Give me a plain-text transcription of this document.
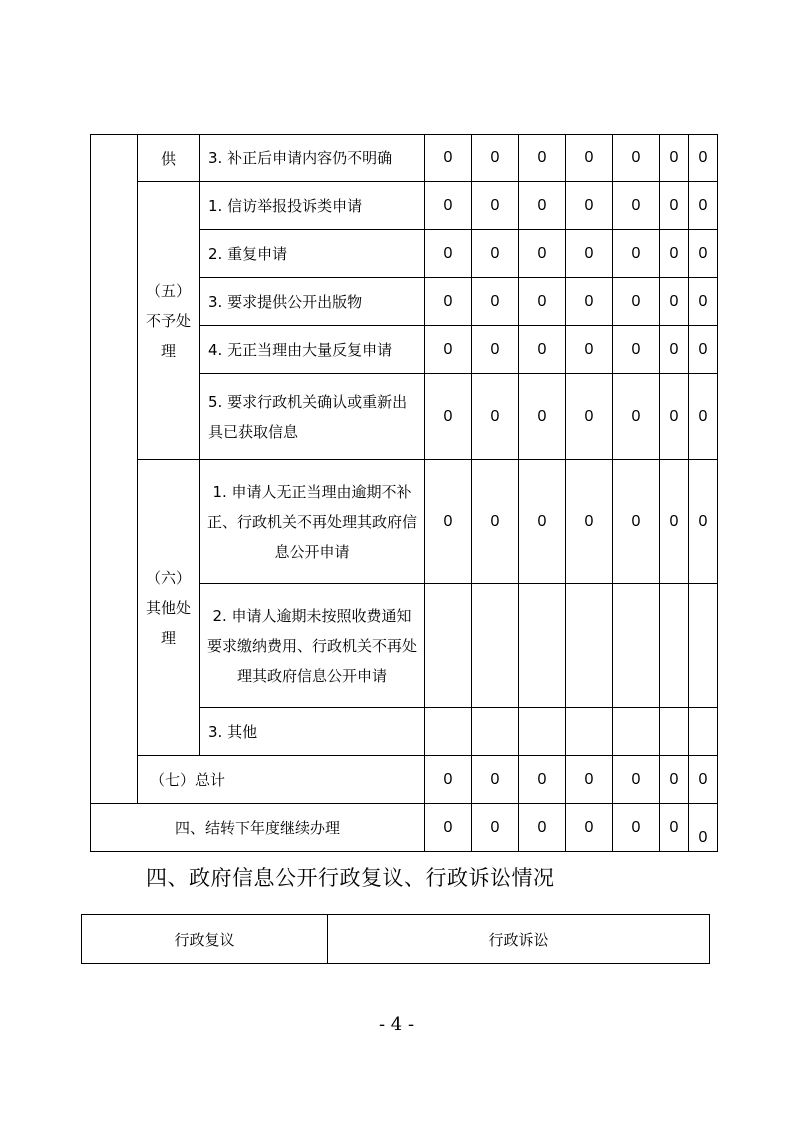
	供	3. 补正后申请内容仍不明确	0	0	0	0	0	0	0
	（五）不予处理	1. 信访举报投诉类申请	0	0	0	0	0	0	0
		2. 重复申请	0	0	0	0	0	0	0
		3. 要求提供公开出版物	0	0	0	0	0	0	0
		4. 无正当理由大量反复申请	0	0	0	0	0	0	0
		5. 要求行政机关确认或重新出具已获取信息	0	0	0	0	0	0	0
	（六）其他处理	1. 申请人无正当理由逾期不补正、行政机关不再处理其政府信息公开申请	0	0	0	0	0	0	0
		2. 申请人逾期未按照收费通知要求缴纳费用、行政机关不再处理其政府信息公开申请							
		3. 其他							
	（七）总计		0	0	0	0	0	0	0
四、结转下年度继续办理			0	0	0	0	0	0	0
四、政府信息公开行政复议、行政诉讼情况
行政复议	行政诉讼
- 4 -
